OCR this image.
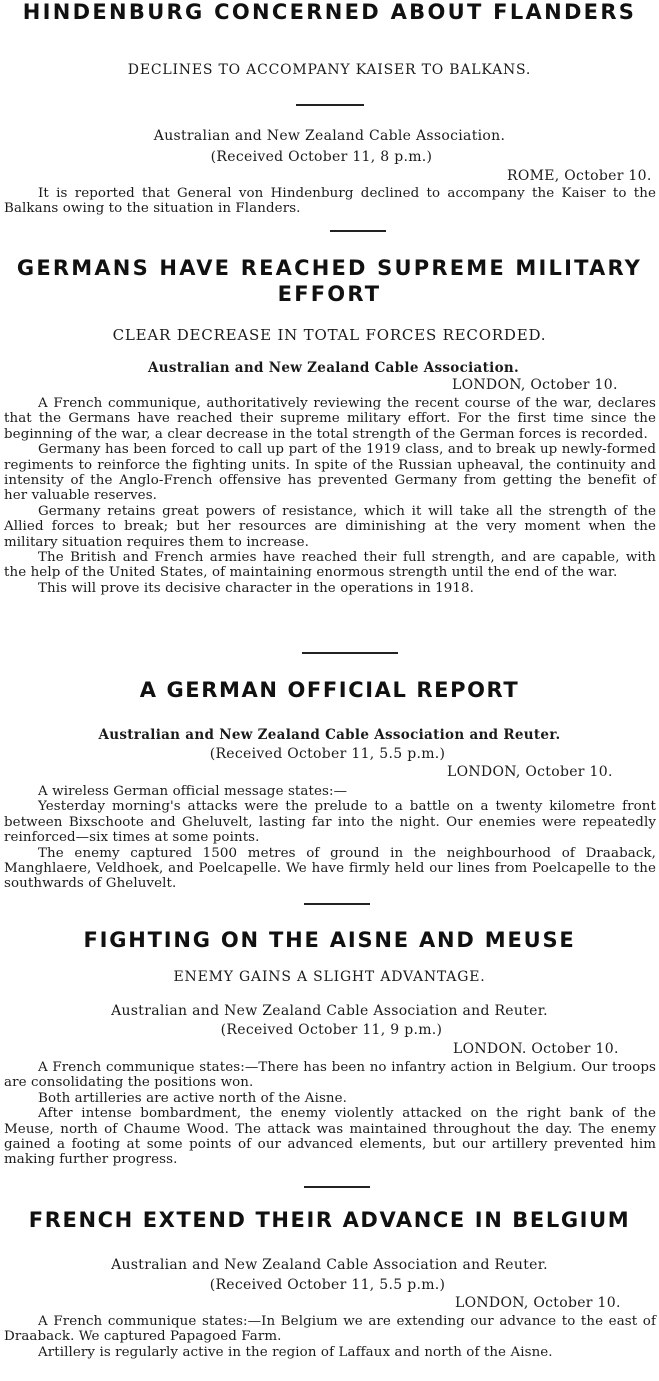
HINDENBURG CONCERNED ABOUT FLANDERS
DECLINES TO ACCOMPANY KAISER TO BALKANS.
Australian and New Zealand Cable Association.
(Received October 11, 8 p.m.)
ROME, October 10.

It is reported that General von Hindenburg declined to accompany the Kaiser to the Balkans owing to the situation in Flanders.

GERMANS HAVE REACHED SUPREME MILITARY
EFFORT
CLEAR DECREASE IN TOTAL FORCES RECORDED.
Australian and New Zealand Cable Association.
LONDON, October 10.

A French communique, authoritatively reviewing the recent course of the war, declares that the Germans have reached their supreme military effort. For the first time since the beginning of the war, a clear decrease in the total strength of the German forces is recorded.

Germany has been forced to call up part of the 1919 class, and to break up newly-formed regiments to reinforce the fighting units. In spite of the Russian upheaval, the continuity and intensity of the Anglo-French offensive has prevented Germany from getting the benefit of her valuable reserves.

Germany retains great powers of resistance, which it will take all the strength of the Allied forces to break; but her resources are diminishing at the very moment when the military situation requires them to increase.

The British and French armies have reached their full strength, and are capable, with the help of the United States, of maintaining enormous strength until the end of the war.

This will prove its decisive character in the operations in 1918.

A GERMAN OFFICIAL REPORT
Australian and New Zealand Cable Association and Reuter.
(Received October 11, 5.5 p.m.)
LONDON, October 10.

A wireless German official message states:—

Yesterday morning's attacks were the prelude to a battle on a twenty kilometre front between Bixschoote and Gheluvelt, lasting far into the night. Our enemies were repeatedly reinforced—six times at some points.

The enemy captured 1500 metres of ground in the neighbourhood of Draaback, Manghlaere, Veldhoek, and Poelcapelle. We have firmly held our lines from Poelcapelle to the southwards of Gheluvelt.

FIGHTING ON THE AISNE AND MEUSE
ENEMY GAINS A SLIGHT ADVANTAGE.
Australian and New Zealand Cable Association and Reuter.
(Received October 11, 9 p.m.)
LONDON. October 10.

A French communique states:—There has been no infantry action in Belgium. Our troops are consolidating the positions won.

Both artilleries are active north of the Aisne.

After intense bombardment, the enemy violently attacked on the right bank of the Meuse, north of Chaume Wood. The attack was maintained throughout the day. The enemy gained a footing at some points of our advanced elements, but our artillery prevented him making further progress.

FRENCH EXTEND THEIR ADVANCE IN BELGIUM
Australian and New Zealand Cable Association and Reuter.
(Received October 11, 5.5 p.m.)
LONDON, October 10.

A French communique states:—In Belgium we are extending our advance to the east of Draaback. We captured Papagoed Farm.

Artillery is regularly active in the region of Laffaux and north of the Aisne.
